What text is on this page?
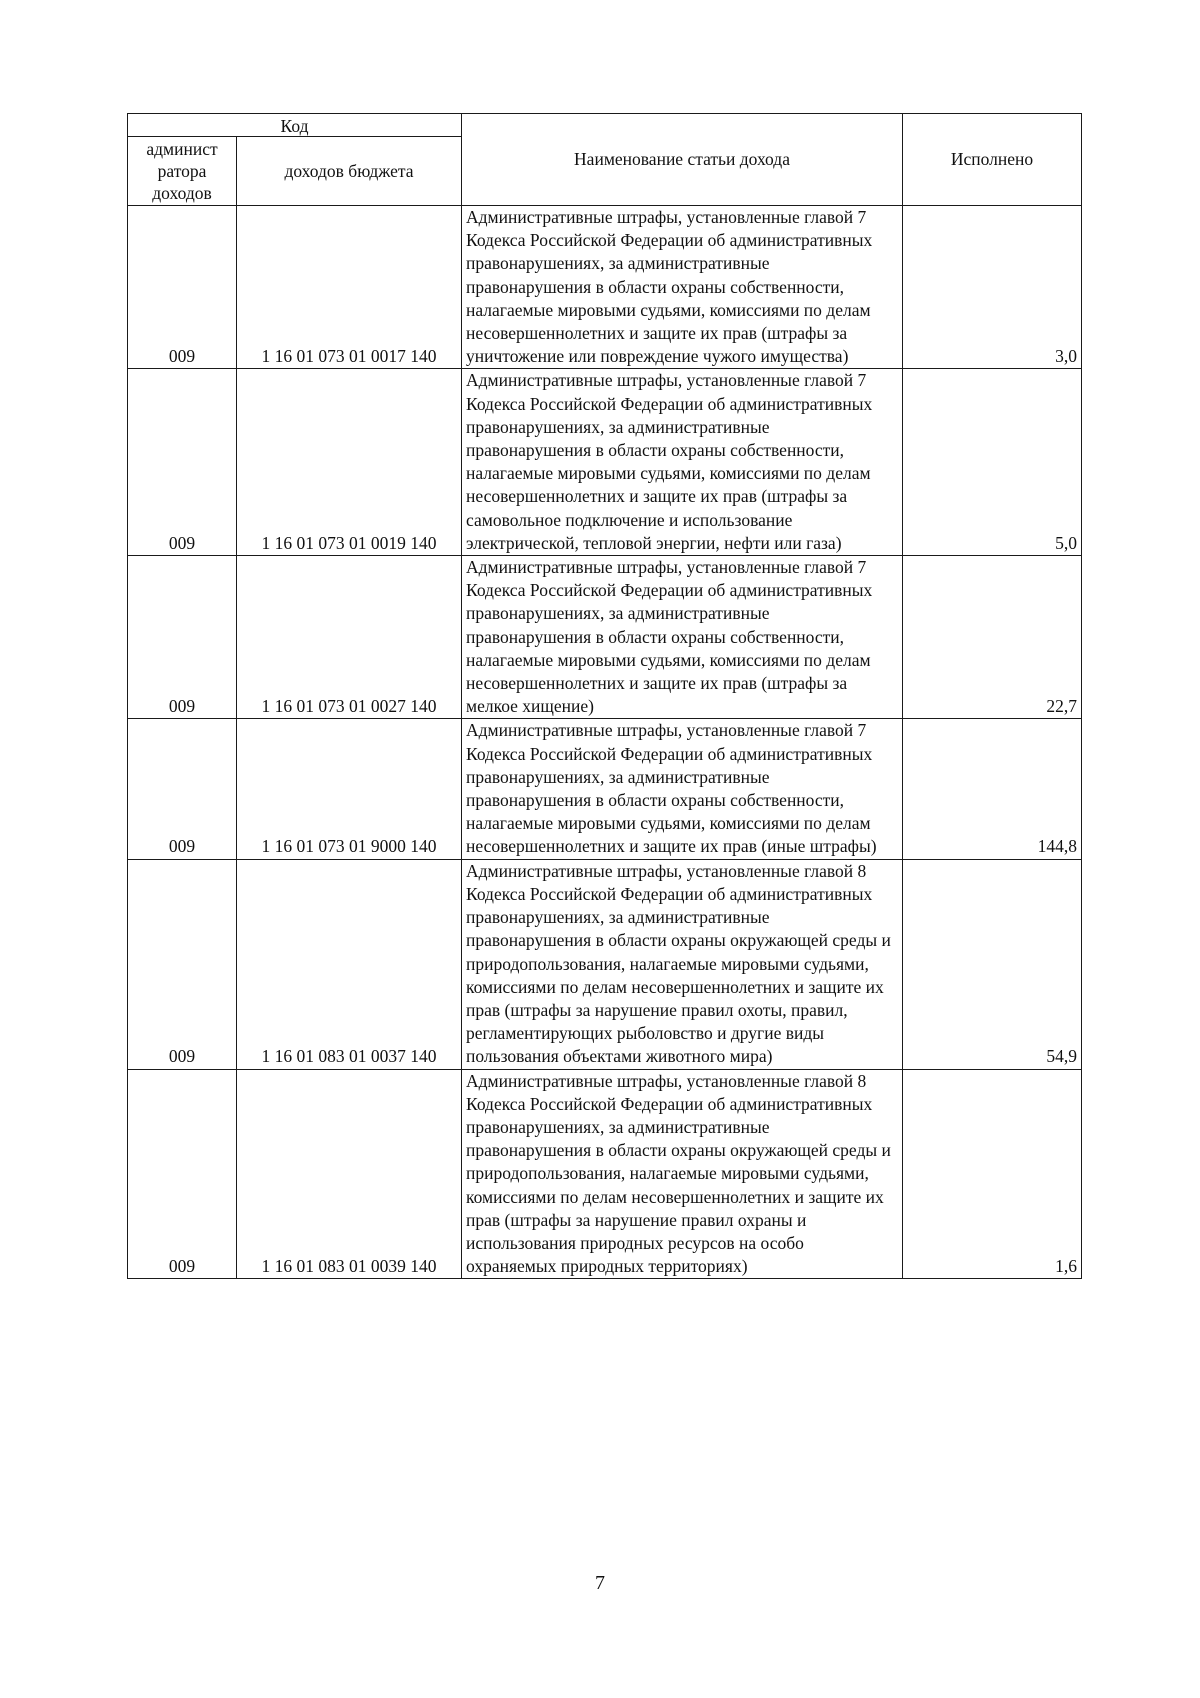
Код		Наименование статьи дохода	Исполнено
админист ратора доходов	доходов бюджета		
009	1 16 01 073 01 0017 140	Административные штрафы, установленные главой 7 Кодекса Российской Федерации об административных правонарушениях, за административные правонарушения в области охраны собственности, налагаемые мировыми судьями, комиссиями по делам несовершеннолетних и защите их прав (штрафы за уничтожение или повреждение чужого имущества)	3,0
009	1 16 01 073 01 0019 140	Административные штрафы, установленные главой 7 Кодекса Российской Федерации об административных правонарушениях, за административные правонарушения в области охраны собственности, налагаемые мировыми судьями, комиссиями по делам несовершеннолетних и защите их прав (штрафы за самовольное подключение и использование электрической, тепловой энергии, нефти или газа)	5,0
009	1 16 01 073 01 0027 140	Административные штрафы, установленные главой 7 Кодекса Российской Федерации об административных правонарушениях, за административные правонарушения в области охраны собственности, налагаемые мировыми судьями, комиссиями по делам несовершеннолетних и защите их прав (штрафы за мелкое хищение)	22,7
009	1 16 01 073 01 9000 140	Административные штрафы, установленные главой 7 Кодекса Российской Федерации об административных правонарушениях, за административные правонарушения в области охраны собственности, налагаемые мировыми судьями, комиссиями по делам несовершеннолетних и защите их прав (иные штрафы)	144,8
009	1 16 01 083 01 0037 140	Административные штрафы, установленные главой 8 Кодекса Российской Федерации об административных правонарушениях, за административные правонарушения в области охраны окружающей среды и природопользования, налагаемые мировыми судьями, комиссиями по делам несовершеннолетних и защите их прав (штрафы за нарушение правил охоты, правил, регламентирующих рыболовство и другие виды пользования объектами животного мира)	54,9
009	1 16 01 083 01 0039 140	Административные штрафы, установленные главой 8 Кодекса Российской Федерации об административных правонарушениях, за административные правонарушения в области охраны окружающей среды и природопользования, налагаемые мировыми судьями, комиссиями по делам несовершеннолетних и защите их прав (штрафы за нарушение правил охраны и использования природных ресурсов на особо охраняемых природных территориях)	1,6
7
